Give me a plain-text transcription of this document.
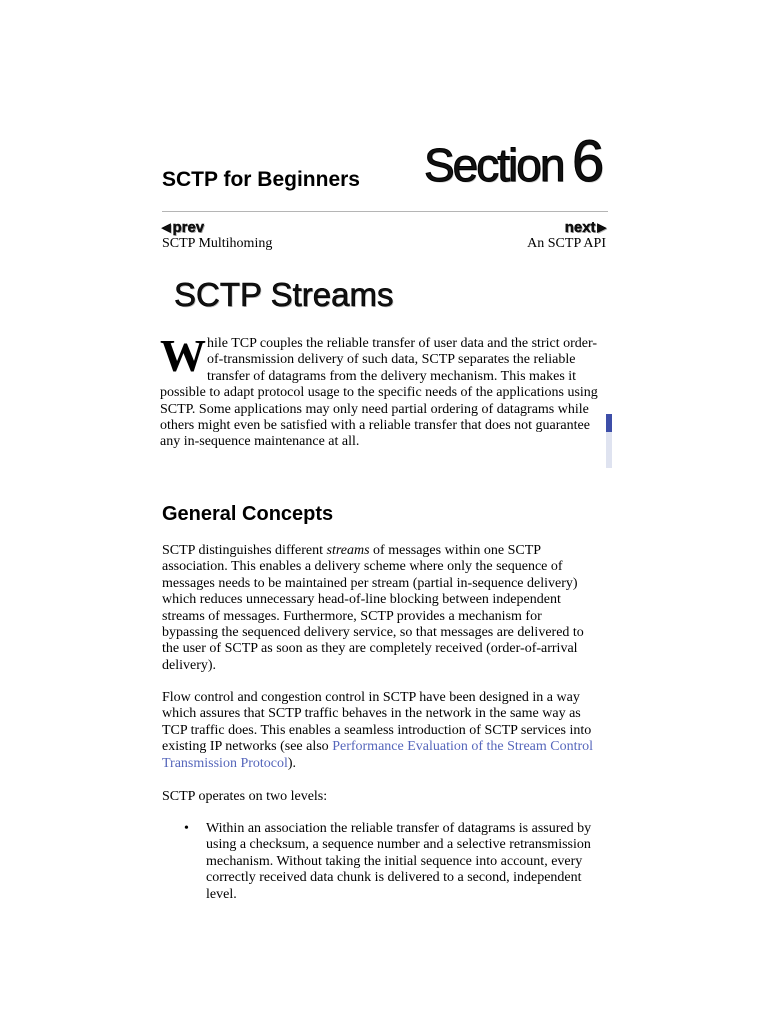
SCTP for Beginners Section 6
◀ prev	next ▶
SCTP Multihoming	An SCTP API
SCTP Streams
While TCP couples the reliable transfer of user data and the strict order-of-transmission delivery of such data, SCTP separates the reliable transfer of datagrams from the delivery mechanism. This makes it possible to adapt protocol usage to the specific needs of the applications using SCTP. Some applications may only need partial ordering of datagrams while others might even be satisfied with a reliable transfer that does not guarantee any in-sequence maintenance at all.
General Concepts
SCTP distinguishes different streams of messages within one SCTP association. This enables a delivery scheme where only the sequence of messages needs to be maintained per stream (partial in-sequence delivery) which reduces unnecessary head-of-line blocking between independent streams of messages. Furthermore, SCTP provides a mechanism for bypassing the sequenced delivery service, so that messages are delivered to the user of SCTP as soon as they are completely received (order-of-arrival delivery).
Flow control and congestion control in SCTP have been designed in a way which assures that SCTP traffic behaves in the network in the same way as TCP traffic does. This enables a seamless introduction of SCTP services into existing IP networks (see also Performance Evaluation of the Stream Control Transmission Protocol).
SCTP operates on two levels:
• Within an association the reliable transfer of datagrams is assured by using a checksum, a sequence number and a selective retransmission mechanism. Without taking the initial sequence into account, every correctly received data chunk is delivered to a second, independent level.
